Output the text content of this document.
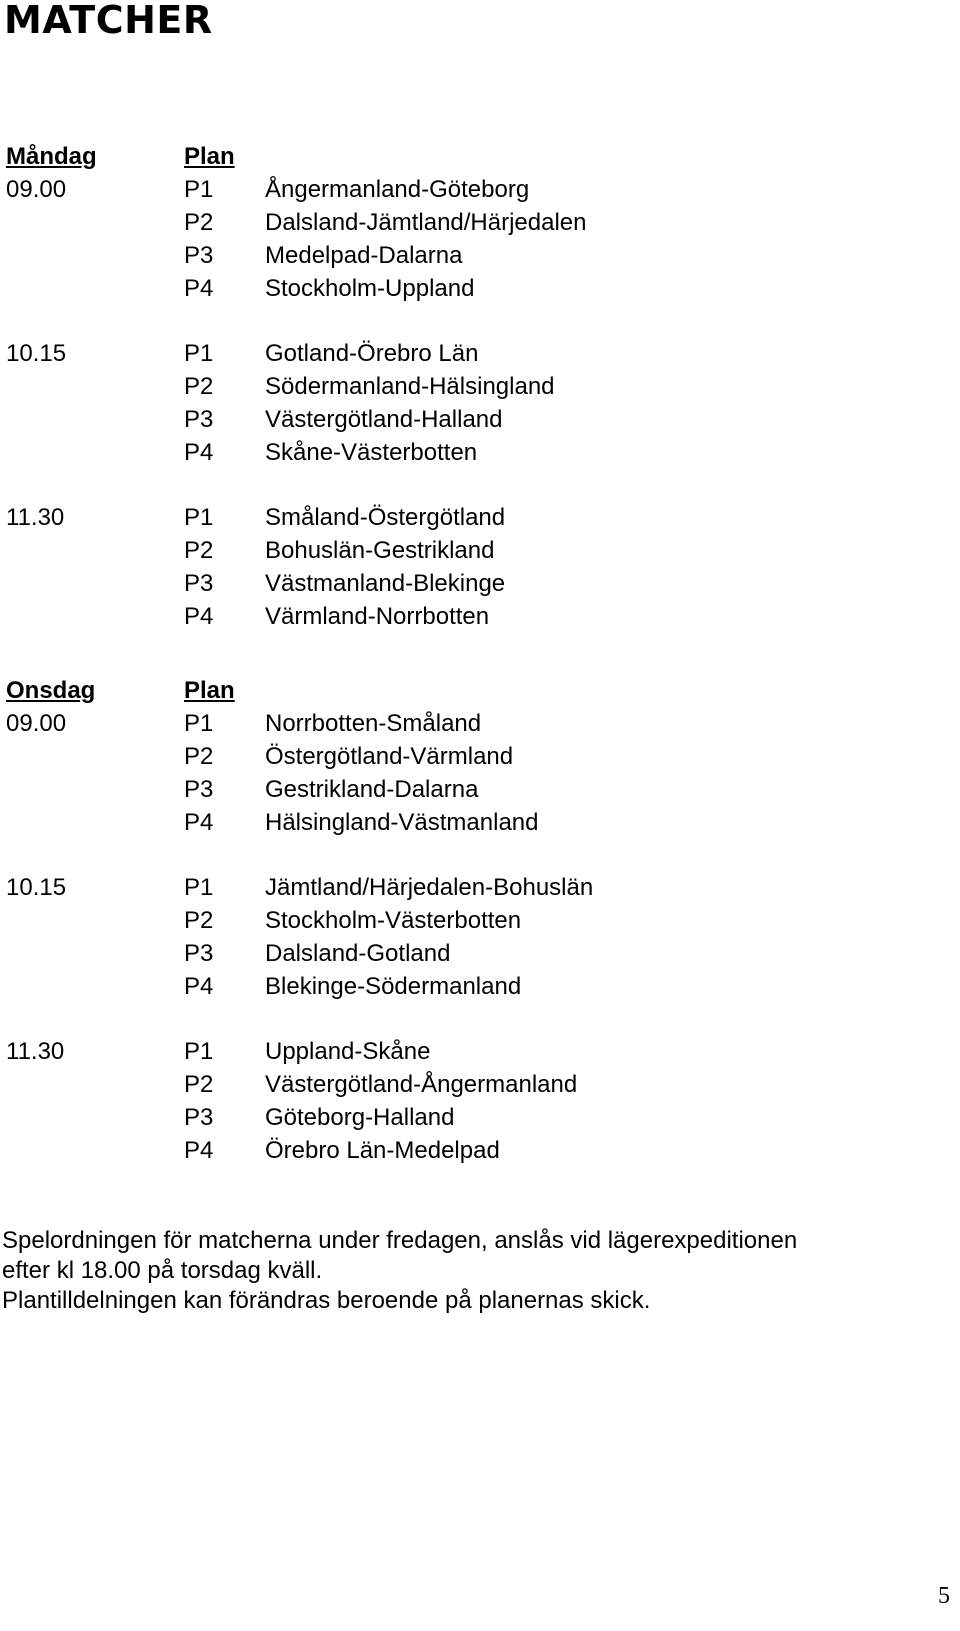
MATCHER
Måndag	Plan
09.00	P1 Ångermanland-Göteborg
P2 Dalsland-Jämtland/Härjedalen
P3 Medelpad-Dalarna
P4 Stockholm-Uppland
10.15	P1 Gotland-Örebro Län
P2 Södermanland-Hälsingland
P3 Västergötland-Halland
P4 Skåne-Västerbotten
11.30	P1 Småland-Östergötland
P2 Bohuslän-Gestrikland
P3 Västmanland-Blekinge
P4 Värmland-Norrbotten
Onsdag	Plan
09.00	P1 Norrbotten-Småland
P2 Östergötland-Värmland
P3 Gestrikland-Dalarna
P4 Hälsingland-Västmanland
10.15	P1 Jämtland/Härjedalen-Bohuslän
P2 Stockholm-Västerbotten
P3 Dalsland-Gotland
P4 Blekinge-Södermanland
11.30	P1 Uppland-Skåne
P2 Västergötland-Ångermanland
P3 Göteborg-Halland
P4 Örebro Län-Medelpad
Spelordningen för matcherna under fredagen, anslås vid lägerexpeditionen
efter kl 18.00 på torsdag kväll.
Plantilldelningen kan förändras beroende på planernas skick.
5
